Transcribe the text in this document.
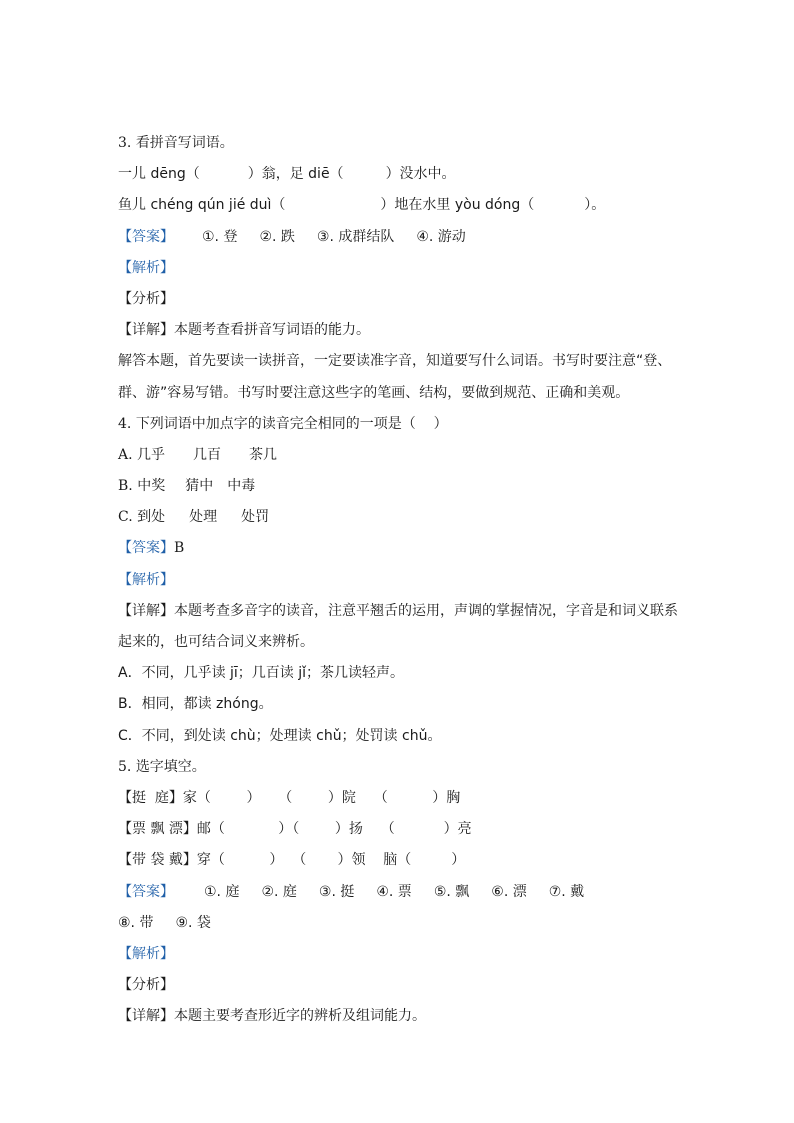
3. 看拼音写词语。
一儿 dēng（	）翁，足 diē（	）没水中。
鱼儿 chéng qún jié duì（	）地在水里 yòu dóng（	）。
【答案】 ①. 登 ②. 跌 ③. 成群结队 ④. 游动
【解析】
【分析】
【详解】本题考查看拼音写词语的能力。
解答本题，首先要读一读拼音，一定要读准字音，知道要写什么词语。书写时要注意“登、群、游”容易写错。书写时要注意这些字的笔画、结构，要做到规范、正确和美观。
4. 下列词语中加点字的读音完全相同的一项是（    ）
A. 几乎 几百 茶几
B. 中奖 猜中 中毒
C. 到处 处理 处罚
【答案】B
【解析】
【详解】本题考查多音字的读音，注意平翘舌的运用，声调的掌握情况，字音是和词义联系起来的，也可结合词义来辨析。
A．不同，几乎读 jī；几百读 jǐ；茶几读轻声。
B．相同，都读 zhóng。
C．不同，到处读 chù；处理读 chǔ；处罚读 chǔ。
5. 选字填空。
【挺  庭】家（        ）    （        ）院    （          ）胸
【票 飘 漂】邮（            ）（        ）扬    （           ）亮
【带 袋 戴】穿（          ）  （       ）领    脑（         ）
【答案】 ①. 庭 ②. 庭 ③. 挺 ④. 票 ⑤. 飘 ⑥. 漂 ⑦. 戴
⑧. 带 ⑨. 袋
【解析】
【分析】
【详解】本题主要考查形近字的辨析及组词能力。
